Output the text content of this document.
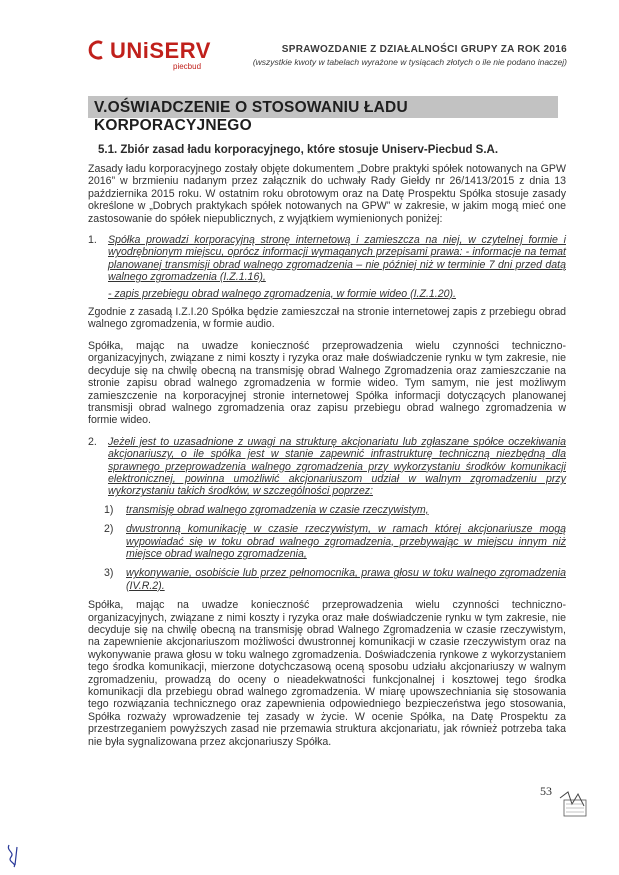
UNiSERV
piecbud
SPRAWOZDANIE Z DZIAŁALNOŚCI GRUPY ZA ROK 2016
(wszystkie kwoty w tabelach wyrażone w tysiącach złotych o ile nie podano inaczej)
V.OŚWIADCZENIE O STOSOWANIU ŁADU KORPORACYJNEGO
5.1. Zbiór zasad ładu korporacyjnego, które stosuje Uniserv-Piecbud S.A.

Zasady ładu korporacyjnego zostały objęte dokumentem „Dobre praktyki spółek notowanych na GPW 2016” w brzmieniu nadanym przez załącznik do uchwały Rady Giełdy nr 26/1413/2015 z dnia 13 października 2015 roku. W ostatnim roku obrotowym oraz na Datę Prospektu Spółka stosuje zasady określone w „Dobrych praktykach spółek notowanych na GPW” w zakresie, w jakim mogą mieć one zastosowanie do spółek niepublicznych, z wyjątkiem wymienionych poniżej:

1.	Spółka prowadzi korporacyjną stronę internetową i zamieszcza na niej, w czytelnej formie i wyodrębnionym miejscu, oprócz informacji wymaganych przepisami prawa: - informacje na temat planowanej transmisji obrad walnego zgromadzenia – nie później niż w terminie 7 dni przed datą walnego zgromadzenia (I.Z.1.16),
- zapis przebiegu obrad walnego zgromadzenia, w formie wideo (I.Z.1.20).

Zgodnie z zasadą I.Z.I.20 Spółka będzie zamieszczał na stronie internetowej zapis z przebiegu obrad walnego zgromadzenia, w formie audio.

Spółka, mając na uwadze konieczność przeprowadzenia wielu czynności techniczno-organizacyjnych, związane z nimi koszty i ryzyka oraz małe doświadczenie rynku w tym zakresie, nie decyduje się na chwilę obecną na transmisję obrad Walnego Zgromadzenia oraz zamieszczanie na stronie zapisu obrad walnego zgromadzenia w formie wideo. Tym samym, nie jest możliwym zamieszczenie na korporacyjnej stronie internetowej Spółka informacji dotyczących planowanej transmisji obrad walnego zgromadzenia oraz zapisu przebiegu obrad walnego zgromadzenia w formie wideo.

2.	Jeżeli jest to uzasadnione z uwagi na strukturę akcjonariatu lub zgłaszane spółce oczekiwania akcjonariuszy, o ile spółka jest w stanie zapewnić infrastrukturę techniczną niezbędną dla sprawnego przeprowadzenia walnego zgromadzenia przy wykorzystaniu środków komunikacji elektronicznej, powinna umożliwić akcjonariuszom udział w walnym zgromadzeniu przy wykorzystaniu takich środków, w szczególności poprzez:
1)	transmisję obrad walnego zgromadzenia w czasie rzeczywistym,
2)	dwustronną komunikację w czasie rzeczywistym, w ramach której akcjonariusze mogą wypowiadać się w toku obrad walnego zgromadzenia, przebywając w miejscu innym niż miejsce obrad walnego zgromadzenia,
3)	wykonywanie, osobiście lub przez pełnomocnika, prawa głosu w toku walnego zgromadzenia (IV.R.2).

Spółka, mając na uwadze konieczność przeprowadzenia wielu czynności techniczno-organizacyjnych, związane z nimi koszty i ryzyka oraz małe doświadczenie rynku w tym zakresie, nie decyduje się na chwilę obecną na transmisję obrad Walnego Zgromadzenia w czasie rzeczywistym, na zapewnienie akcjonariuszom możliwości dwustronnej komunikacji w czasie rzeczywistym oraz na wykonywanie prawa głosu w toku walnego zgromadzenia. Doświadczenia rynkowe z wykorzystaniem tego środka komunikacji, mierzone dotychczasową oceną sposobu udziału akcjonariuszy w walnym zgromadzeniu, prowadzą do oceny o nieadekwatności funkcjonalnej i kosztowej tego środka komunikacji dla przebiegu obrad walnego zgromadzenia. W miarę upowszechniania się stosowania tego rozwiązania technicznego oraz zapewnienia odpowiedniego bezpieczeństwa jego stosowania, Spółka rozważy wprowadzenie tej zasady w życie. W ocenie Spółka, na Datę Prospektu za przestrzeganiem powyższych zasad nie przemawia struktura akcjonariatu, jak również potrzeba taka nie była sygnalizowana przez akcjonariuszy Spółka.

53
